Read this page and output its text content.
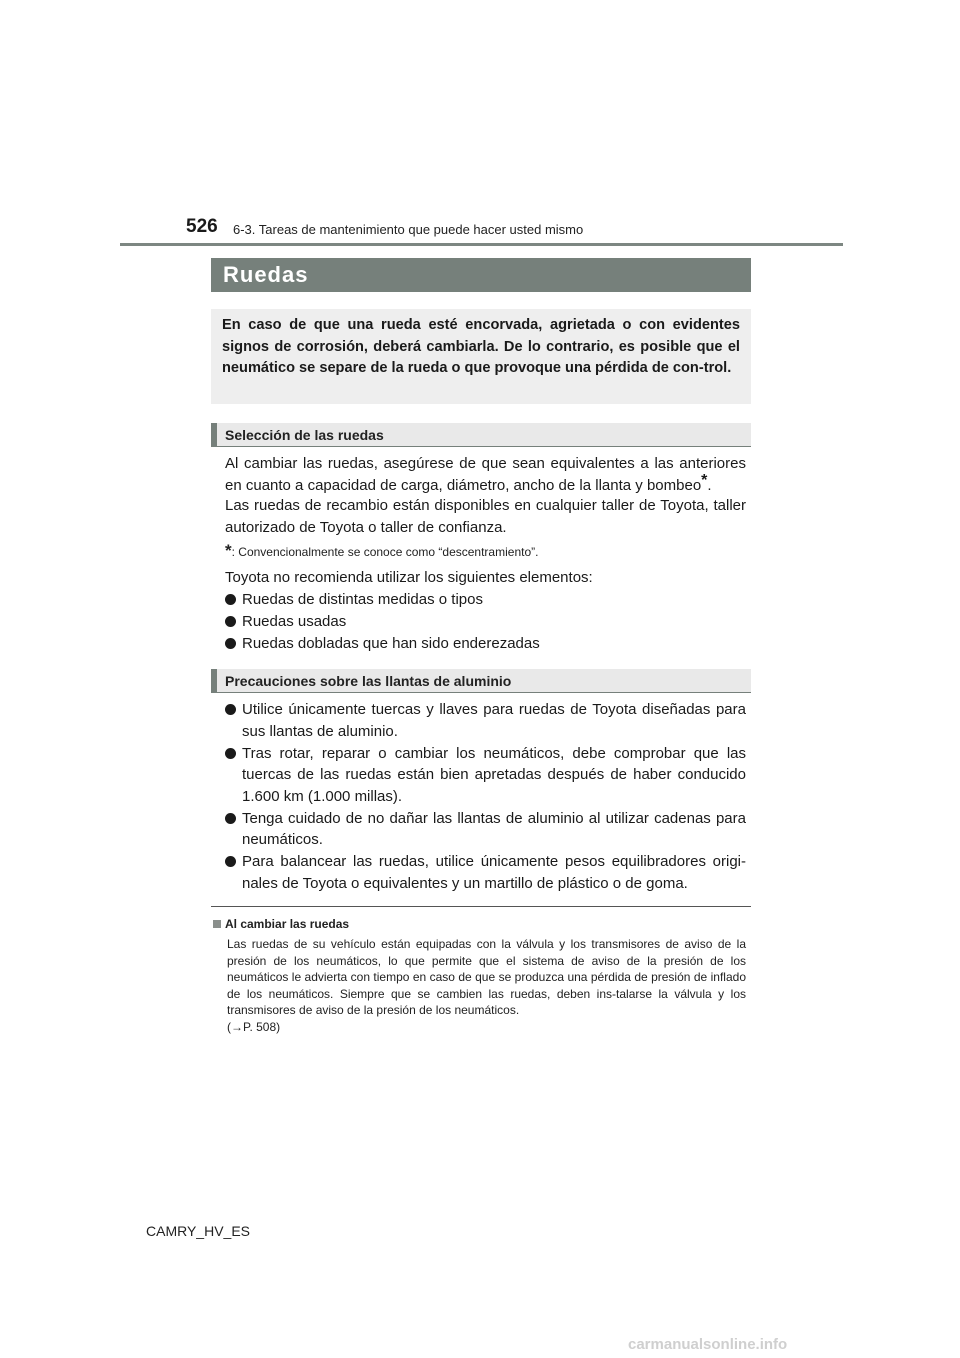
526 6-3. Tareas de mantenimiento que puede hacer usted mismo
Ruedas
En caso de que una rueda esté encorvada, agrietada o con evidentes signos de corrosión, deberá cambiarla. De lo contrario, es posible que el neumático se separe de la rueda o que provoque una pérdida de con-trol.
Selección de las ruedas
Al cambiar las ruedas, asegúrese de que sean equivalentes a las anteriores en cuanto a capacidad de carga, diámetro, ancho de la llanta y bombeo*.
Las ruedas de recambio están disponibles en cualquier taller de Toyota, taller autorizado de Toyota o taller de confianza.
*: Convencionalmente se conoce como “descentramiento”.
Toyota no recomienda utilizar los siguientes elementos:
Ruedas de distintas medidas o tipos
Ruedas usadas
Ruedas dobladas que han sido enderezadas
Precauciones sobre las llantas de aluminio
Utilice únicamente tuercas y llaves para ruedas de Toyota diseñadas para sus llantas de aluminio.
Tras rotar, reparar o cambiar los neumáticos, debe comprobar que las tuercas de las ruedas están bien apretadas después de haber conducido 1.600 km (1.000 millas).
Tenga cuidado de no dañar las llantas de aluminio al utilizar cadenas para neumáticos.
Para balancear las ruedas, utilice únicamente pesos equilibradores origi-nales de Toyota o equivalentes y un martillo de plástico o de goma.
Al cambiar las ruedas
Las ruedas de su vehículo están equipadas con la válvula y los transmisores de aviso de la presión de los neumáticos, lo que permite que el sistema de aviso de la presión de los neumáticos le advierta con tiempo en caso de que se produzca una pérdida de presión de inflado de los neumáticos. Siempre que se cambien las ruedas, deben ins-talarse la válvula y los transmisores de aviso de la presión de los neumáticos.
(→P. 508)
CAMRY_HV_ES
carmanualsonline.info
